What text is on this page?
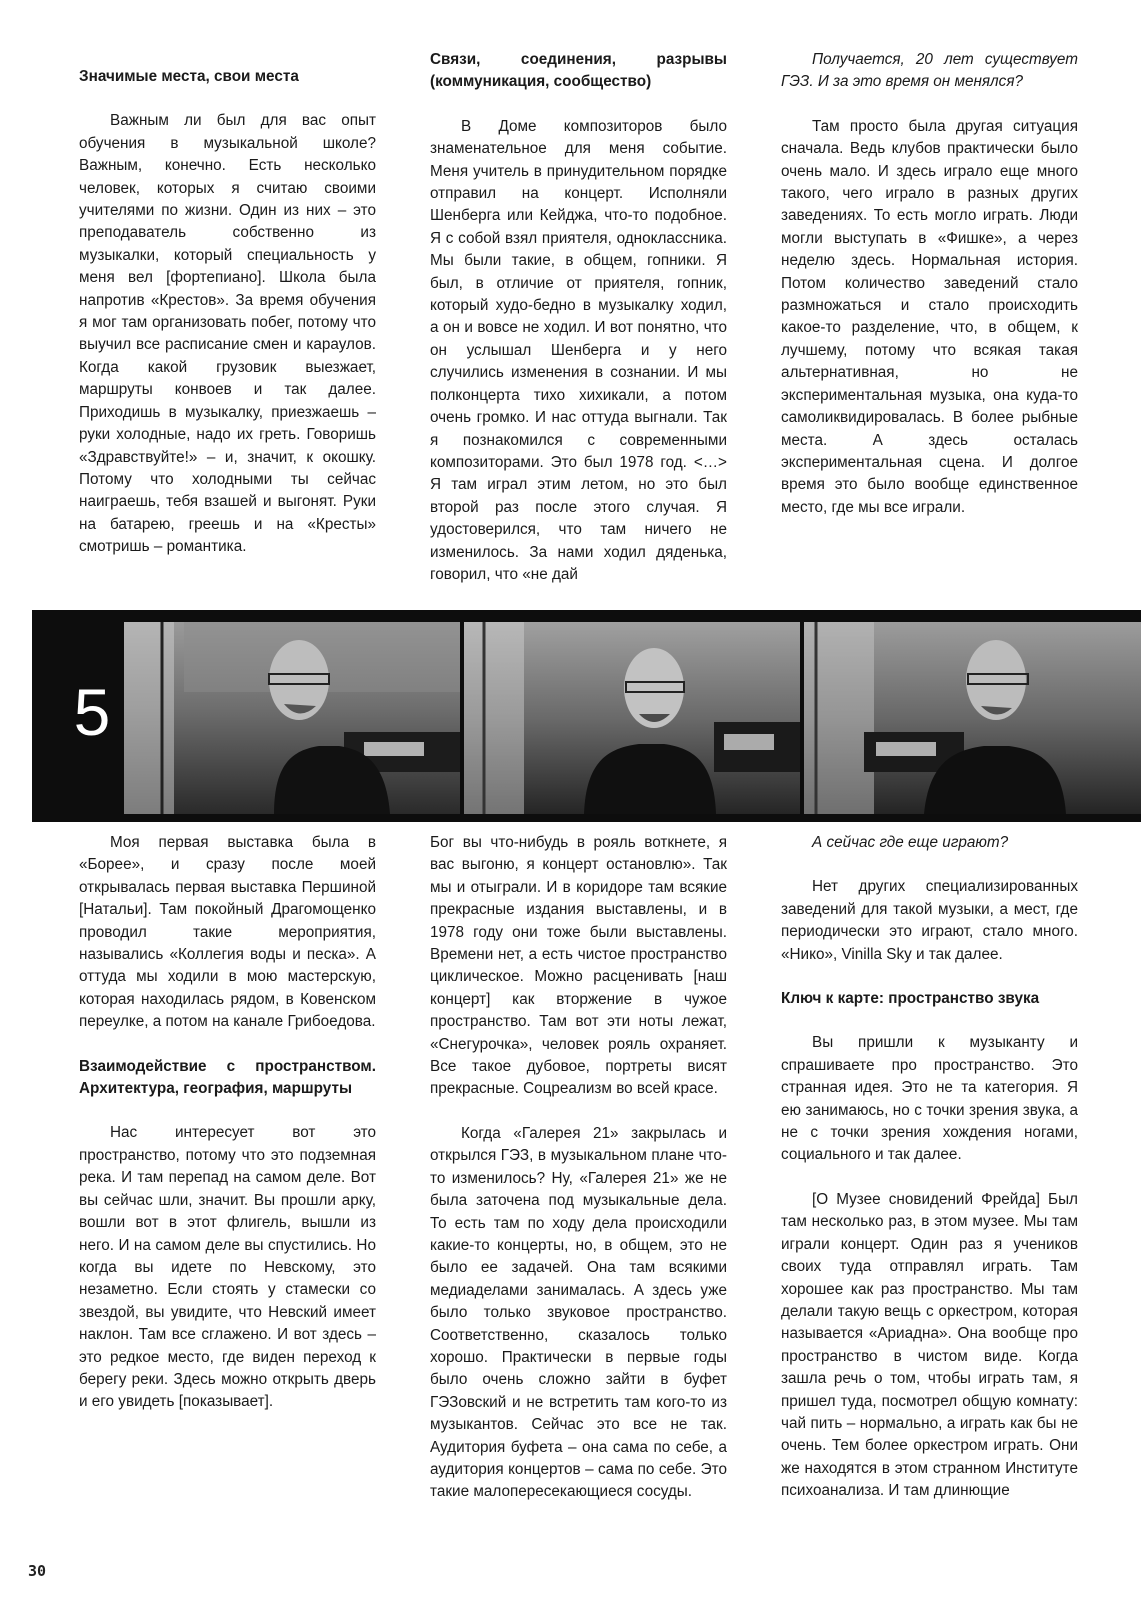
Значимые места, свои места

Важным ли был для вас опыт обучения в музыкальной школе? Важным, конечно. Есть несколько человек, которых я считаю своими учителями по жизни. Один из них – это преподаватель собственно из музыкалки, который специальность у меня вел [фортепиано]. Школа была напротив «Крестов». За время обучения я мог там организовать побег, потому что выучил все расписание смен и караулов. Когда какой грузовик выезжает, маршруты конвоев и так далее. Приходишь в музыкалку, приезжаешь – руки холодные, надо их греть. Говоришь «Здравствуйте!» – и, значит, к окошку. Потому что холодными ты сейчас наиграешь, тебя взашей и выгонят. Руки на батарею, греешь и на «Кресты» смотришь – романтика.

Связи, соединения, разрывы (коммуникация, сообщество)

В Доме композиторов было знаменательное для меня событие. Меня учитель в принудительном порядке отправил на концерт. Исполняли Шенберга или Кейджа, что-то подобное. Я с собой взял приятеля, одноклассника. Мы были такие, в общем, гопники. Я был, в отличие от приятеля, гопник, который худо-бедно в музыкалку ходил, а он и вовсе не ходил. И вот понятно, что он услышал Шенберга и у него случились изменения в сознании. И мы полконцерта тихо хихикали, а потом очень громко. И нас оттуда выгнали. Так я познакомился с современными композиторами. Это был 1978 год. <…> Я там играл этим летом, но это был второй раз после этого случая. Я удостоверился, что там ничего не изменилось. За нами ходил дяденька, говорил, что «не дай

Получается, 20 лет существует ГЭЗ. И за это время он менялся?

Там просто была другая ситуация сначала. Ведь клубов практически было очень мало. И здесь играло еще много такого, чего играло в разных других заведениях. То есть могло играть. Люди могли выступать в «Фишке», а через неделю здесь. Нормальная история. Потом количество заведений стало размножаться и стало происходить какое-то разделение, что, в общем, к лучшему, потому что всякая такая альтернативная, но не экспериментальная музыка, она куда-то самоликвидировалась. В более рыбные места. А здесь осталась экспериментальная сцена. И долгое время это было вообще единственное место, где мы все играли.

5

Моя первая выставка была в «Борее», и сразу после моей открывалась первая выставка Першиной [Натальи]. Там покойный Драгомощенко проводил такие мероприятия, назывались «Коллегия воды и песка». А оттуда мы ходили в мою мастерскую, которая находилась рядом, в Ковенском переулке, а потом на канале Грибоедова.

Взаимодействие с пространством. Архитектура, география, маршруты

Нас интересует вот это пространство, потому что это подземная река. И там перепад на самом деле. Вот вы сейчас шли, значит. Вы прошли арку, вошли вот в этот флигель, вышли из него. И на самом деле вы спустились. Но когда вы идете по Невскому, это незаметно. Если стоять у стамески со звездой, вы увидите, что Невский имеет наклон. Там все сглажено. И вот здесь – это редкое место, где виден переход к берегу реки. Здесь можно открыть дверь и его увидеть [показывает].

Бог вы что-нибудь в рояль воткнете, я вас выгоню, я концерт остановлю». Так мы и отыграли. И в коридоре там всякие прекрасные издания выставлены, и в 1978 году они тоже были выставлены. Времени нет, а есть чистое пространство циклическое. Можно расценивать [наш концерт] как вторжение в чужое пространство. Там вот эти ноты лежат, «Снегурочка», человек рояль охраняет. Все такое дубовое, портреты висят прекрасные. Соцреализм во всей красе.

Когда «Галерея 21» закрылась и открылся ГЭЗ, в музыкальном плане что-то изменилось? Ну, «Галерея 21» же не была заточена под музыкальные дела. То есть там по ходу дела происходили какие-то концерты, но, в общем, это не было ее задачей. Она там всякими медиаделами занималась. А здесь уже было только звуковое пространство. Соответственно, сказалось только хорошо. Практически в первые годы было очень сложно зайти в буфет ГЭЗовский и не встретить там кого-то из музыкантов. Сейчас это все не так. Аудитория буфета – она сама по себе, а аудитория концертов – сама по себе. Это такие малопересекающиеся сосуды.

А сейчас где еще играют?

Нет других специализированных заведений для такой музыки, а мест, где периодически это играют, стало много. «Нико», Vinilla Sky и так далее.

Ключ к карте: пространство звука

Вы пришли к музыканту и спрашиваете про пространство. Это странная идея. Это не та категория. Я ею занимаюсь, но с точки зрения звука, а не с точки зрения хождения ногами, социального и так далее.

[О Музее сновидений Фрейда] Был там несколько раз, в этом музее. Мы там играли концерт. Один раз я учеников своих туда отправлял играть. Там хорошее как раз пространство. Мы там делали такую вещь с оркестром, которая называется «Ариадна». Она вообще про пространство в чистом виде. Когда зашла речь о том, чтобы играть там, я пришел туда, посмотрел общую комнату: чай пить – нормально, а играть как бы не очень. Тем более оркестром играть. Они же находятся в этом странном Институте психоанализа. И там длинющие

30
